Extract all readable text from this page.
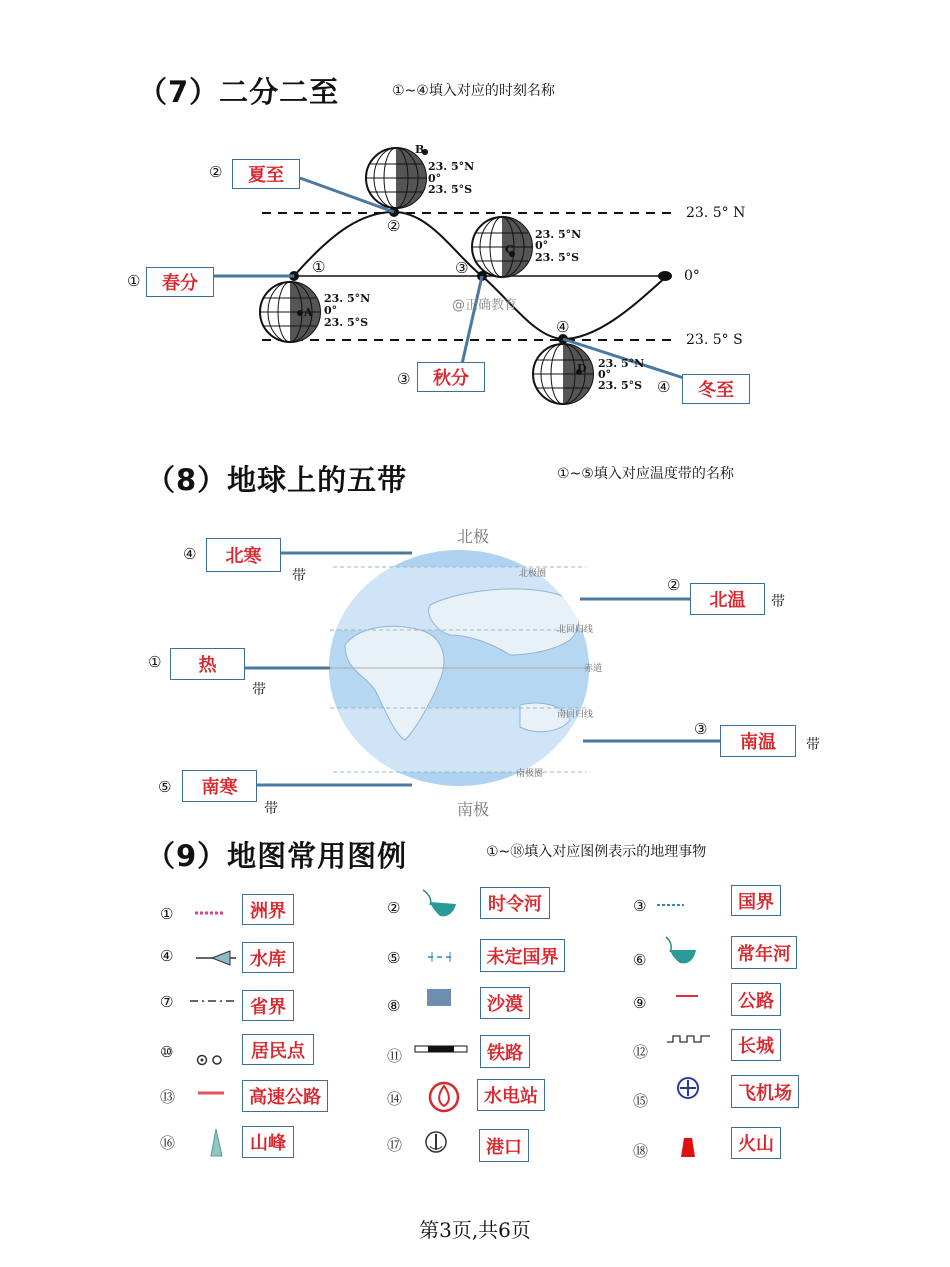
（7）二分二至	①~④填入对应的时刻名称
B
C
A
D
23. 5°N
0°
23. 5°S
23. 5°N
0°
23. 5°S
23. 5°N
0°
23. 5°S
23. 5°N
0°
23. 5°S
23. 5° N
0°
23. 5° S
①
②
③
④
@正确教育
②	夏至
①	春分
③	秋分	④	冬至
（8）地球上的五带	①~⑤填入对应温度带的名称
北极
南极
北极圈
北回归线
赤道
南回归线
南极圈
④	北寒
带	②
北温	带
①	热
带
③
南温	带
⑤	南寒
带
（9）地图常用图例	①~⑱填入对应图例表示的地理事物
①	洲界	②	时令河	③	国界
④	水库	⑤	未定国界	⑥	常年河
⑦	省界	⑧	沙漠	⑨	公路
⑩	居民点	⑪	铁路	⑫	长城
⑬	高速公路	⑭	水电站	⑮	飞机场
⑯	山峰	⑰	港口	⑱	火山
第3页,共6页
